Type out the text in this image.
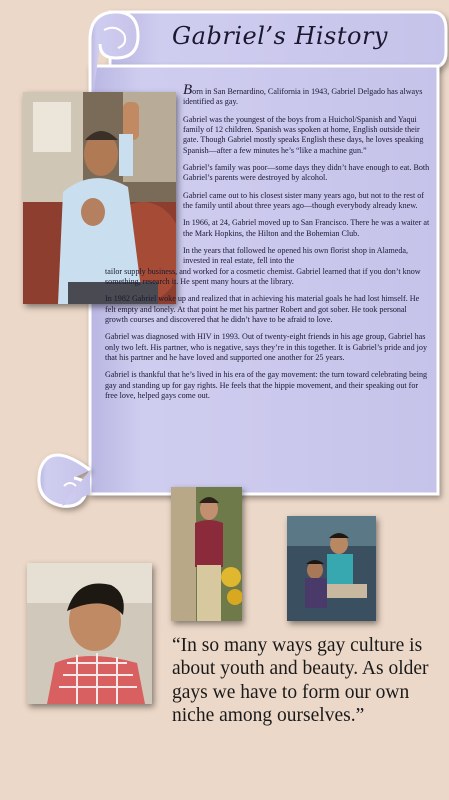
Gabriel’s History

Born in San Bernardino, California in 1943, Gabriel Delgado has always identified as gay.

Gabriel was the youngest of the boys from a Huichol/Spanish and Yaqui family of 12 children. Spanish was spoken at home, English outside their gate. Though Gabriel mostly speaks English these days, he loves speaking Spanish—after a few minutes he’s “like a machine gun.”

Gabriel’s family was poor—some days they didn’t have enough to eat. Both Gabriel’s parents were destroyed by alcohol.

Gabriel came out to his closest sister many years ago, but not to the rest of the family until about three years ago—though everybody already knew.

In 1966, at 24, Gabriel moved up to San Francisco. There he was a waiter at the Mark Hopkins, the Hilton and the Bohemian Club.

In the years that followed he opened his own florist shop in Alameda, invested in real estate, fell into the

tailor supply business, and worked for a cosmetic chemist. Gabriel learned that if you don’t know something, research it. He spent many hours at the library.

In 1982 Gabriel woke up and realized that in achieving his material goals he had lost himself. He felt empty and lonely. At that point he met his partner Robert and got sober. He took personal growth courses and discovered that he didn’t have to be afraid to love.

Gabriel was diagnosed with HIV in 1993. Out of twenty-eight friends in his age group, Gabriel has only two left. His partner, who is negative, says they’re in this together. It is Gabriel’s pride and joy that his partner and he have loved and supported one another for 25 years.

Gabriel is thankful that he’s lived in his era of the gay movement: the turn toward celebrating being gay and standing up for gay rights. He feels that the hippie movement, and their speaking out for free love, helped gays come out.

“In so many ways gay culture is about youth and beauty. As older gays we have to form our own niche among ourselves.”
